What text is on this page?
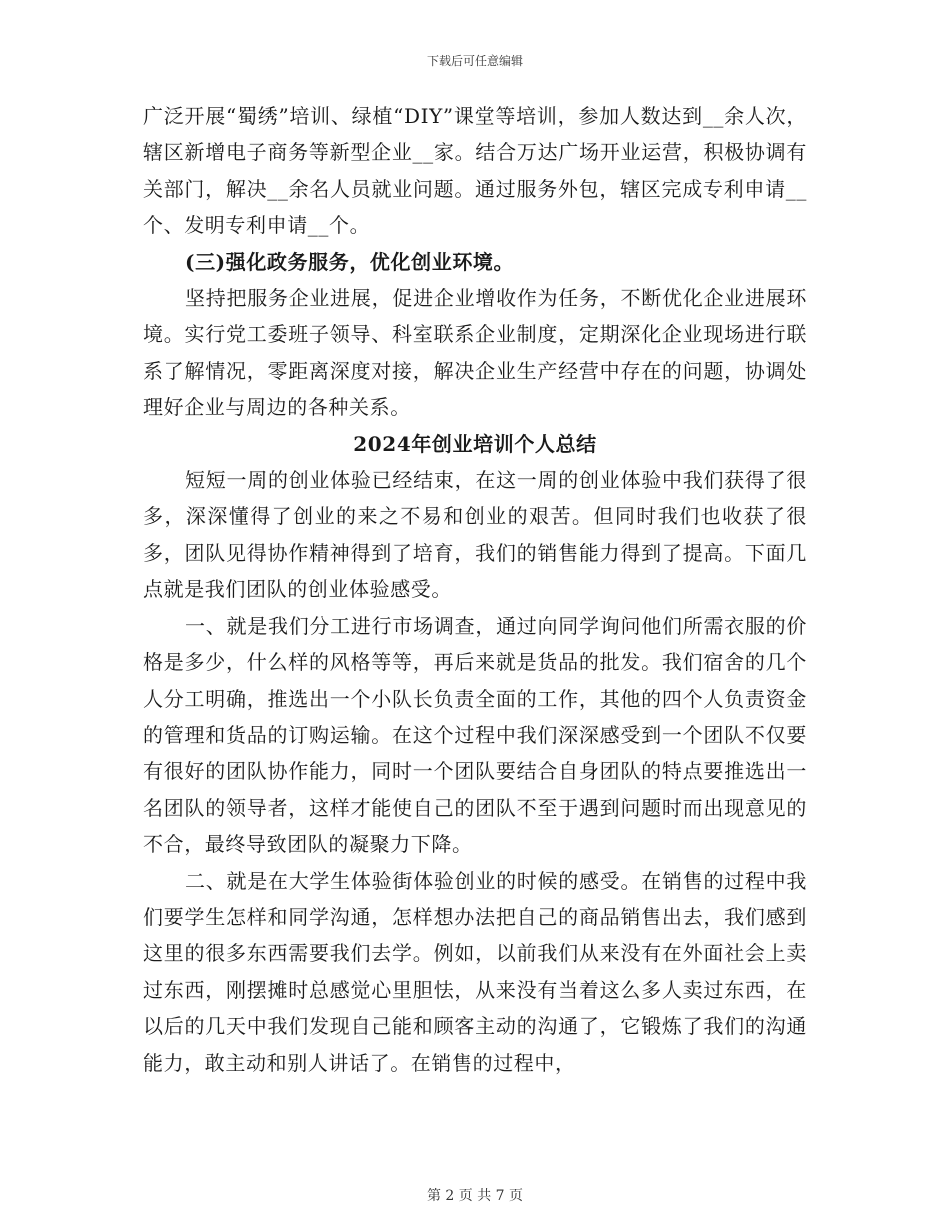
下载后可任意编辑

广泛开展“蜀绣”培训、绿植“DIY”课堂等培训，参加人数达到__余人次，辖区新增电子商务等新型企业__家。结合万达广场开业运营，积极协调有关部门，解决__余名人员就业问题。通过服务外包，辖区完成专利申请__个、发明专利申请__个。

(三)强化政务服务，优化创业环境。

坚持把服务企业进展，促进企业增收作为任务，不断优化企业进展环境。实行党工委班子领导、科室联系企业制度，定期深化企业现场进行联系了解情况，零距离深度对接，解决企业生产经营中存在的问题，协调处理好企业与周边的各种关系。

2024年创业培训个人总结

短短一周的创业体验已经结束，在这一周的创业体验中我们获得了很多，深深懂得了创业的来之不易和创业的艰苦。但同时我们也收获了很多，团队见得协作精神得到了培育，我们的销售能力得到了提高。下面几点就是我们团队的创业体验感受。

一、就是我们分工进行市场调查，通过向同学询问他们所需衣服的价格是多少，什么样的风格等等，再后来就是货品的批发。我们宿舍的几个人分工明确，推选出一个小队长负责全面的工作，其他的四个人负责资金的管理和货品的订购运输。在这个过程中我们深深感受到一个团队不仅要有很好的团队协作能力，同时一个团队要结合自身团队的特点要推选出一名团队的领导者，这样才能使自己的团队不至于遇到问题时而出现意见的不合，最终导致团队的凝聚力下降。

二、就是在大学生体验街体验创业的时候的感受。在销售的过程中我们要学生怎样和同学沟通，怎样想办法把自己的商品销售出去，我们感到这里的很多东西需要我们去学。例如，以前我们从来没有在外面社会上卖过东西，刚摆摊时总感觉心里胆怯，从来没有当着这么多人卖过东西，在以后的几天中我们发现自己能和顾客主动的沟通了，它锻炼了我们的沟通能力，敢主动和别人讲话了。在销售的过程中，

第 2 页 共 7 页
